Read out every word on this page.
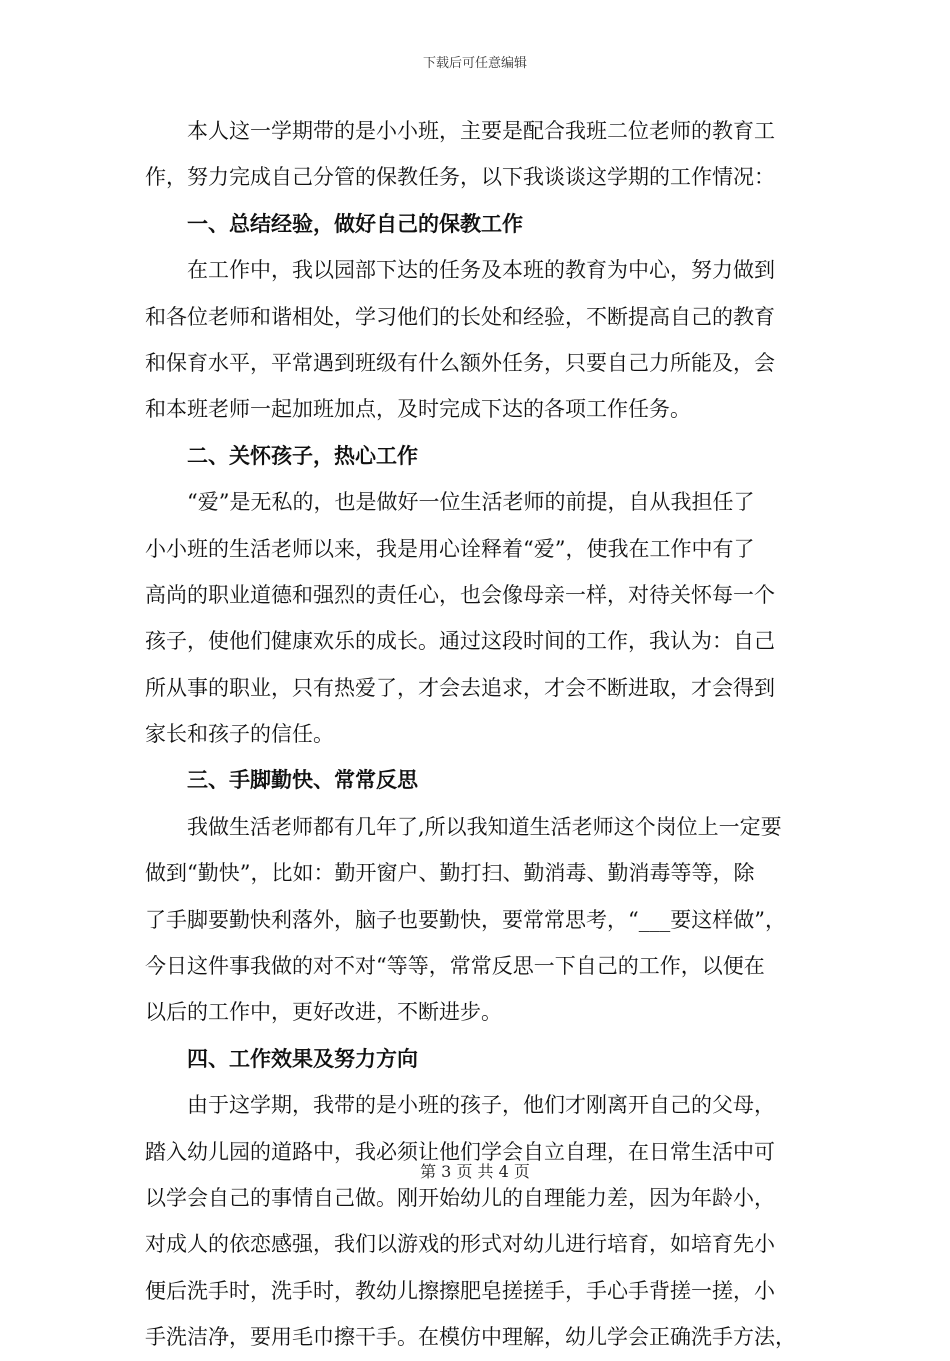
下载后可任意编辑
本人这一学期带的是小小班，主要是配合我班二位老师的教育工
作，努力完成自己分管的保教任务，以下我谈谈这学期的工作情况：
一、总结经验，做好自己的保教工作
在工作中，我以园部下达的任务及本班的教育为中心，努力做到
和各位老师和谐相处，学习他们的长处和经验，不断提高自己的教育
和保育水平，平常遇到班级有什么额外任务，只要自己力所能及，会
和本班老师一起加班加点，及时完成下达的各项工作任务。
二、关怀孩子，热心工作
“爱”是无私的，也是做好一位生活老师的前提，自从我担任了
小小班的生活老师以来，我是用心诠释着“爱”，使我在工作中有了
高尚的职业道德和强烈的责任心，也会像母亲一样，对待关怀每一个
孩子，使他们健康欢乐的成长。通过这段时间的工作，我认为：自己
所从事的职业，只有热爱了，才会去追求，才会不断进取，才会得到
家长和孩子的信任。
三、手脚勤快、常常反思
我做生活老师都有几年了,所以我知道生活老师这个岗位上一定要
做到“勤快”，比如：勤开窗户、勤打扫、勤消毒、勤消毒等等，除
了手脚要勤快利落外，脑子也要勤快，要常常思考，“___要这样做”，
今日这件事我做的对不对“等等，常常反思一下自己的工作，以便在
以后的工作中，更好改进，不断进步。
四、工作效果及努力方向
由于这学期，我带的是小班的孩子，他们才刚离开自己的父母，
踏入幼儿园的道路中，我必须让他们学会自立自理，在日常生活中可
以学会自己的事情自己做。刚开始幼儿的自理能力差，因为年龄小，
对成人的依恋感强，我们以游戏的形式对幼儿进行培育，如培育先小
便后洗手时，洗手时，教幼儿擦擦肥皂搓搓手，手心手背搓一搓，小
手洗洁净，要用毛巾擦干手。在模仿中理解，幼儿学会正确洗手方法，
第 3 页 共 4 页
